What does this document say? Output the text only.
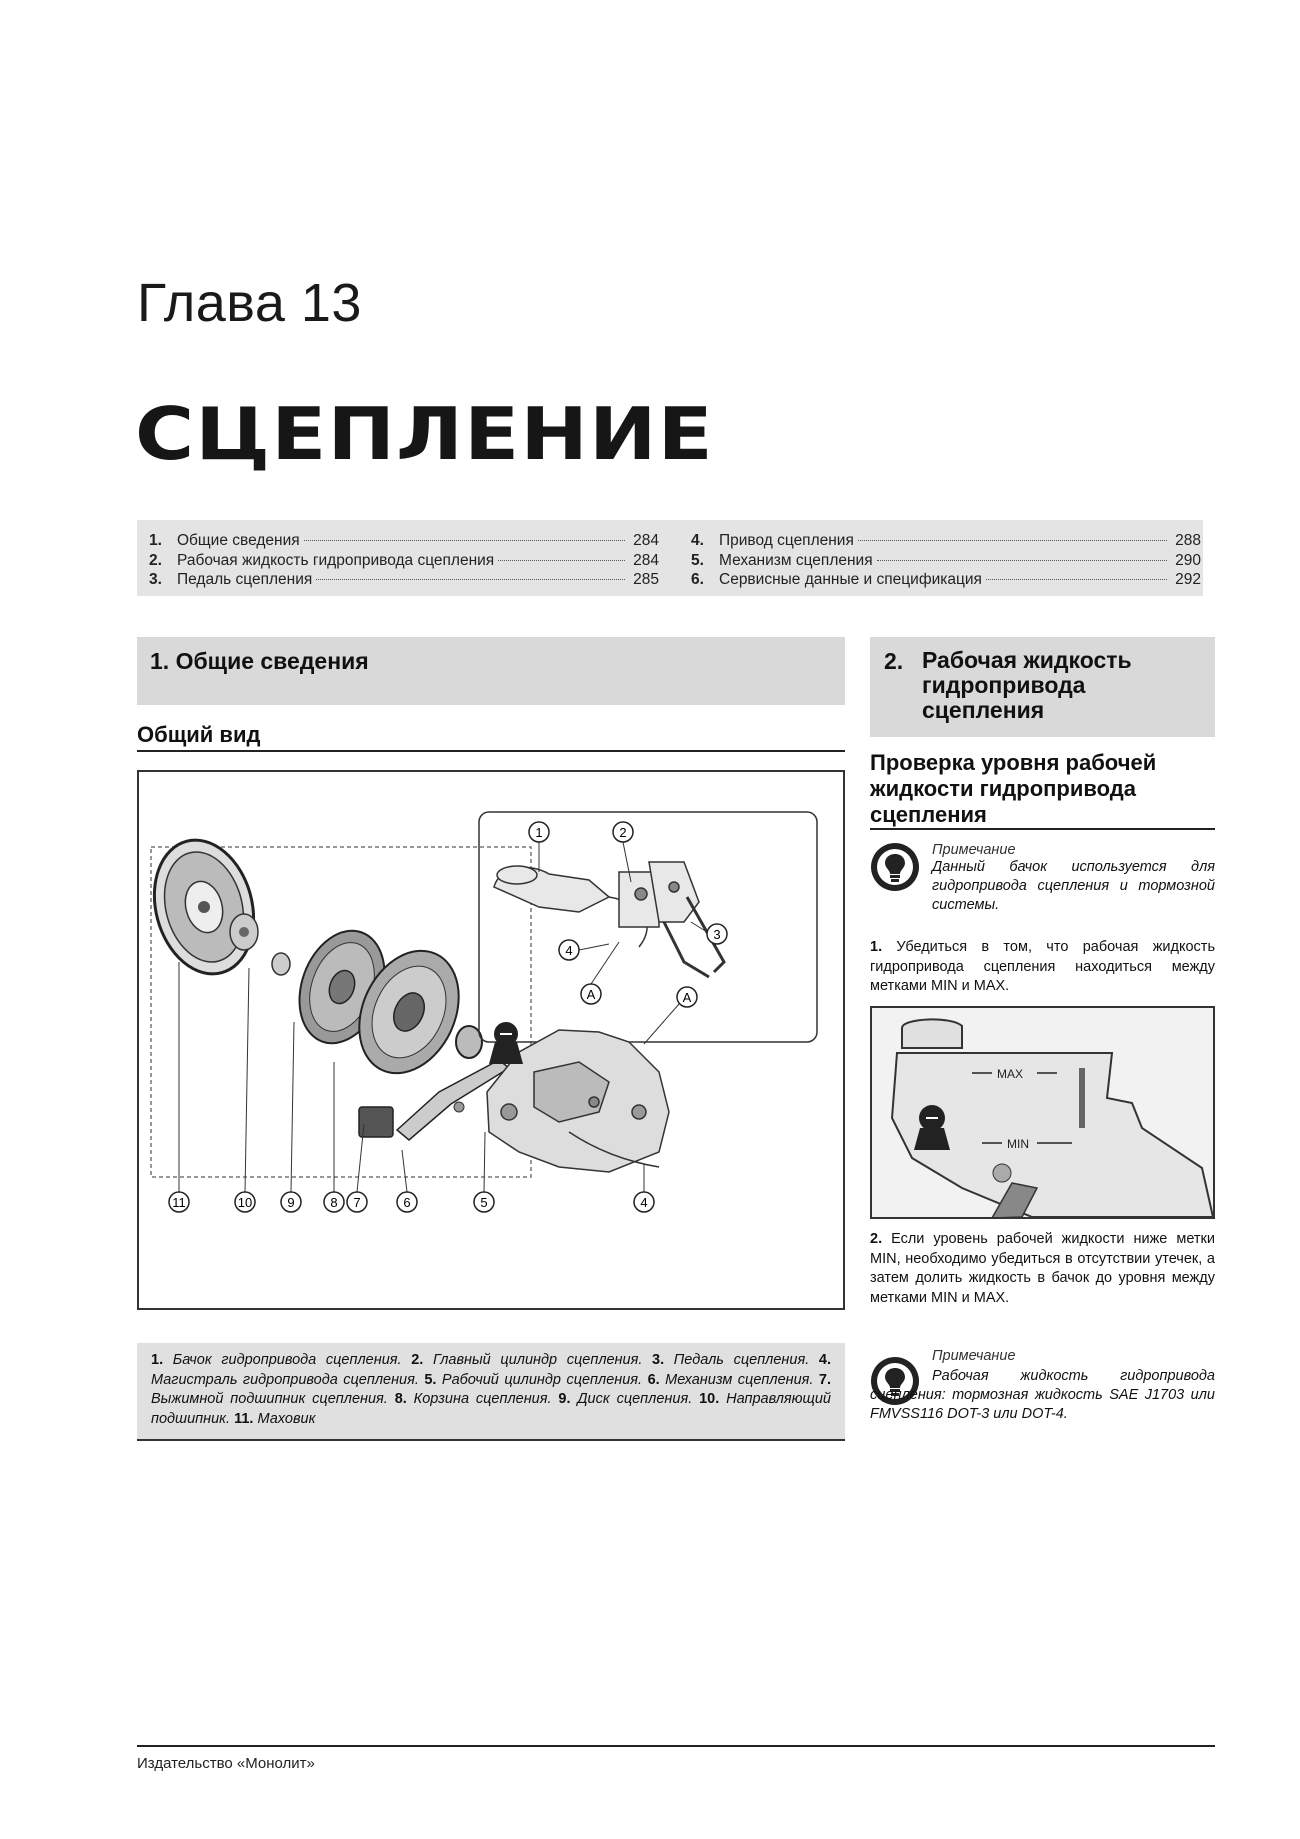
Глава 13
СЦЕПЛЕНИЕ
1. Общие сведения	284
2. Рабочая жидкость гидропривода сцепления	284
3. Педаль сцепления	285
4. Привод сцепления	288
5. Механизм сцепления	290
6. Сервисные данные и спецификация	292
1. Общие сведения
Общий вид
11	10	9	8 7	6	5	4
1	2
3
4
A	A
1. Бачок гидропривода сцепления. 2. Главный цилиндр сцепления. 3. Педаль сцепления. 4. Магистраль гидропривода сцепления. 5. Рабочий цилиндр сцепления. 6. Механизм сцепления. 7. Выжимной подшипник сцепления. 8. Корзина сцепления. 9. Диск сцепления. 10. Направляющий подшипник. 11. Маховик
2. Рабочая жидкость гидропривода сцепления
Проверка уровня рабочей жидкости гидропривода сцепления
Примечание
Данный бачок используется для гидропривода сцепления и тормозной системы.
1. Убедиться в том, что рабочая жидкость гидропривода сцепления находиться между метками MIN и MAX.
MAX
MIN
2. Если уровень рабочей жидкости ниже метки MIN, необходимо убедиться в отсутствии утечек, а затем долить жидкость в бачок до уровня между метками MIN и MAX.
Примечание
Рабочая жидкость гидропривода сцепления: тормозная жидкость SAE J1703 или FMVSS116 DOT-3 или DOT-4.
Издательство «Монолит»
